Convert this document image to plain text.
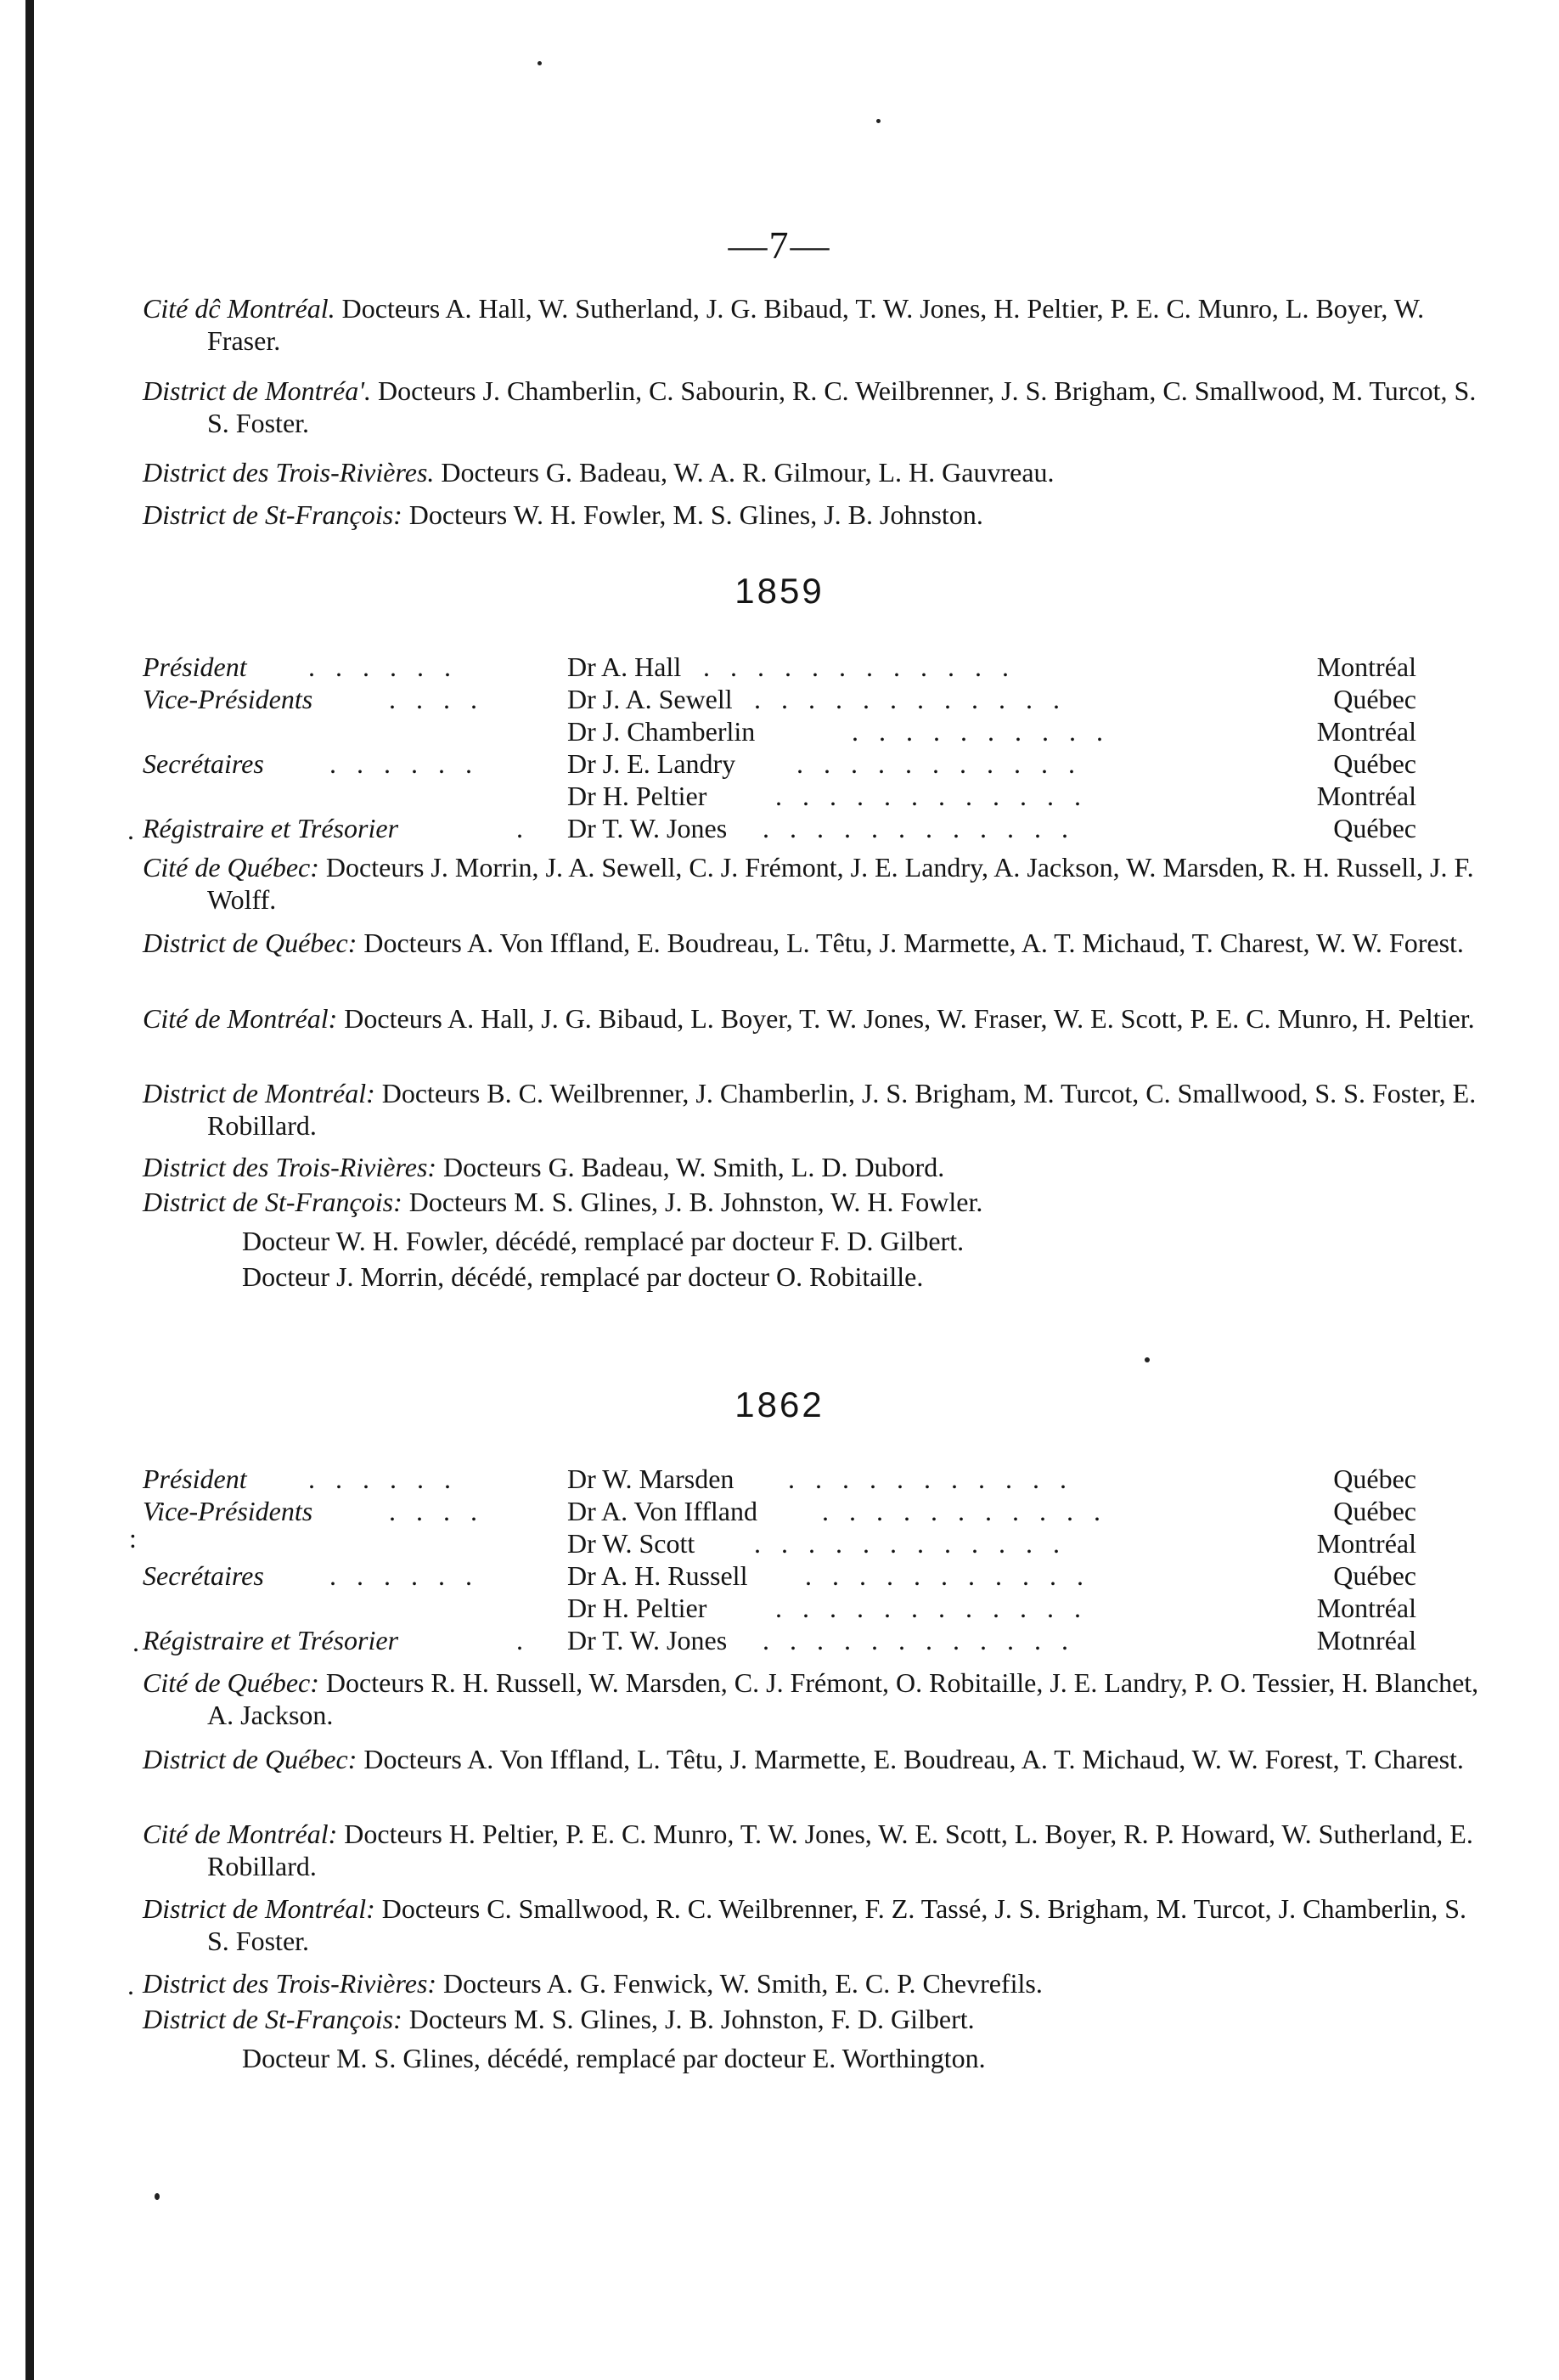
—7—
Cité dĉ Montréal. Docteurs A. Hall, W. Sutherland, J. G. Bibaud, T. W. Jones, H. Peltier, P. E. C. Munro, L. Boyer, W. Fraser.
District de Montréa'. Docteurs J. Chamberlin, C. Sabourin, R. C. Weilbrenner, J. S. Brigham, C. Smallwood, M. Turcot, S. S. Foster.
District des Trois-Rivières. Docteurs G. Badeau, W. A. R. Gilmour, L. H. Gauvreau.
District de St-François: Docteurs W. H. Fowler, M. S. Glines, J. B. Johnston.
1859
Président . . . . . .	Dr A. Hall . . . . . . . . . . . .	Montréal
Vice-Présidents	. . . .	Dr J. A. Sewell . . . . . . . . . . . .	Québec
Dr J. Chamberlin	. . . . . . . . . .	Montréal
Secrétaires . . . . . .	Dr J. E. Landry . . . . . . . . . . .	Québec
Dr H. Peltier	. . . . . . . . . . . .	Montréal
Régistraire et Trésorier	. Dr T. W. Jones . . . . . . . . . . . .	Québec
.
Cité de Québec: Docteurs J. Morrin, J. A. Sewell, C. J. Frémont, J. E. Landry, A. Jackson, W. Marsden, R. H. Russell, J. F. Wolff.
District de Québec: Docteurs A. Von Iffland, E. Boudreau, L. Têtu, J. Marmette, A. T. Michaud, T. Charest, W. W. Forest.
Cité de Montréal: Docteurs A. Hall, J. G. Bibaud, L. Boyer, T. W. Jones, W. Fraser, W. E. Scott, P. E. C. Munro, H. Peltier.
District de Montréal: Docteurs B. C. Weilbrenner, J. Chamberlin, J. S. Brigham, M. Turcot, C. Smallwood, S. S. Foster, E. Robillard.
District des Trois-Rivières: Docteurs G. Badeau, W. Smith, L. D. Dubord.
District de St-François: Docteurs M. S. Glines, J. B. Johnston, W. H. Fowler.
Docteur W. H. Fowler, décédé, remplacé par docteur F. D. Gilbert.
Docteur J. Morrin, décédé, remplacé par docteur O. Robitaille.
1862
Président . . . . . .	Dr W. Marsden . . . . . . . . . . .	Québec
Vice-Présidents	. . . .	Dr A. Von Iffland . . . . . . . . . . .	Québec
Dr W. Scott . . . . . . . . . . . .	Montréal
Secrétaires . . . . . .	Dr A. H. Russell . . . . . . . . . . .	Québec
Dr H. Peltier	. . . . . . . . . . . .	Montréal
Régistraire et Trésorier	. Dr T. W. Jones . . . . . . . . . . . .	Motnréal
:
.
Cité de Québec: Docteurs R. H. Russell, W. Marsden, C. J. Frémont, O. Robitaille, J. E. Landry, P. O. Tessier, H. Blanchet, A. Jackson.
District de Québec: Docteurs A. Von Iffland, L. Têtu, J. Marmette, E. Boudreau, A. T. Michaud, W. W. Forest, T. Charest.
Cité de Montréal: Docteurs H. Peltier, P. E. C. Munro, T. W. Jones, W. E. Scott, L. Boyer, R. P. Howard, W. Sutherland, E. Robillard.
District de Montréal: Docteurs C. Smallwood, R. C. Weilbrenner, F. Z. Tassé, J. S. Brigham, M. Turcot, J. Chamberlin, S. S. Foster.
District des Trois-Rivières: Docteurs A. G. Fenwick, W. Smith, E. C. P. Chevrefils.
District de St-François: Docteurs M. S. Glines, J. B. Johnston, F. D. Gilbert.
.
Docteur M. S. Glines, décédé, remplacé par docteur E. Worthington.
